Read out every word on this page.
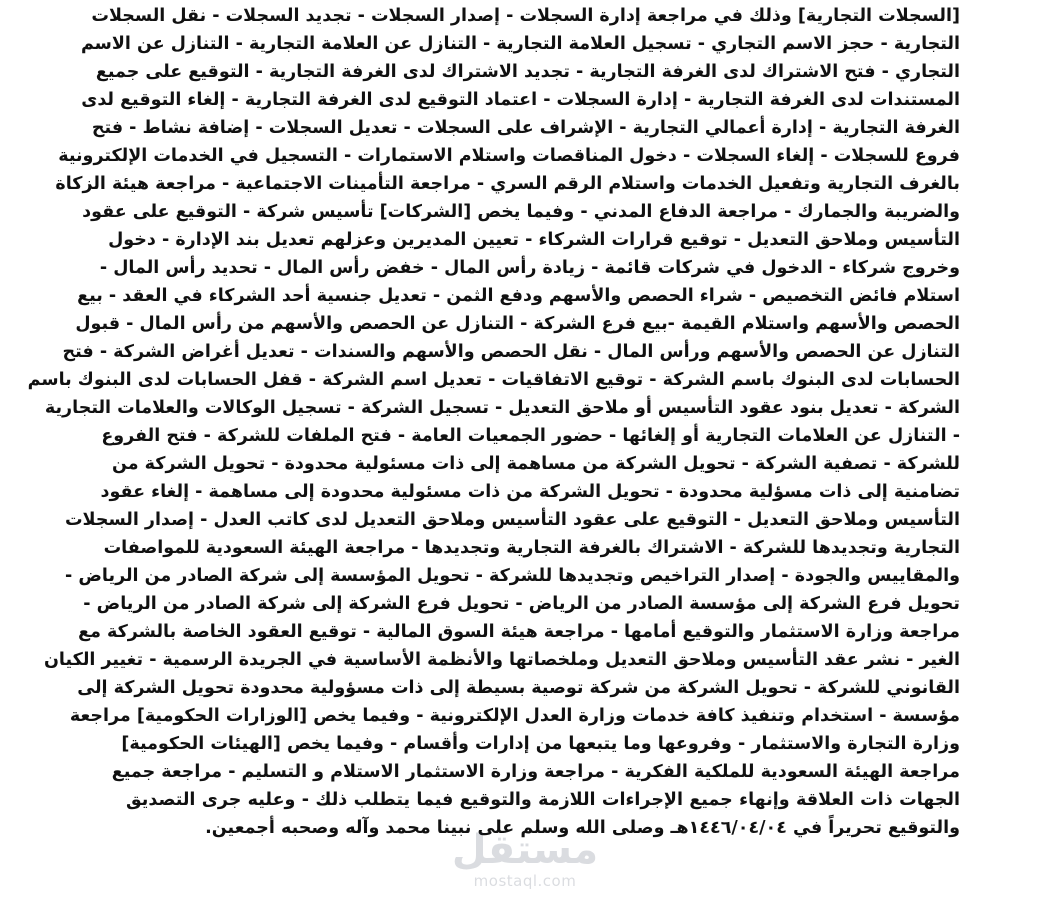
[السجلات التجارية] وذلك في مراجعة إدارة السجلات - إصدار السجلات - تجديد السجلات - نقل السجلات
التجارية - حجز الاسم التجاري - تسجيل العلامة التجارية - التنازل عن العلامة التجارية - التنازل عن الاسم
التجاري - فتح الاشتراك لدى الغرفة التجارية - تجديد الاشتراك لدى الغرفة التجارية - التوقيع على جميع
المستندات لدى الغرفة التجارية - إدارة السجلات - اعتماد التوقيع لدى الغرفة التجارية - إلغاء التوقيع لدى
الغرفة التجارية - إدارة أعمالي التجارية - الإشراف على السجلات - تعديل السجلات - إضافة نشاط - فتح
فروع للسجلات - إلغاء السجلات - دخول المناقصات واستلام الاستمارات - التسجيل في الخدمات الإلكترونية
بالغرف التجارية وتفعيل الخدمات واستلام الرقم السري - مراجعة التأمينات الاجتماعية - مراجعة هيئة الزكاة
والضريبة والجمارك - مراجعة الدفاع المدني - وفيما يخص [الشركات] تأسيس شركة - التوقيع على عقود
التأسيس وملاحق التعديل - توقيع قرارات الشركاء - تعيين المديرين وعزلهم تعديل بند الإدارة - دخول
وخروج شركاء - الدخول في شركات قائمة - زيادة رأس المال - خفض رأس المال - تحديد رأس المال -
استلام فائض التخصيص - شراء الحصص والأسهم ودفع الثمن - تعديل جنسية أحد الشركاء في العقد - بيع
الحصص والأسهم واستلام القيمة -بيع فرع الشركة - التنازل عن الحصص والأسهم من رأس المال - قبول
التنازل عن الحصص والأسهم ورأس المال - نقل الحصص والأسهم والسندات - تعديل أغراض الشركة - فتح
الحسابات لدى البنوك باسم الشركة - توقيع الاتفاقيات - تعديل اسم الشركة - قفل الحسابات لدى البنوك باسم
الشركة - تعديل بنود عقود التأسيس أو ملاحق التعديل - تسجيل الشركة - تسجيل الوكالات والعلامات التجارية
- التنازل عن العلامات التجارية أو إلغائها - حضور الجمعيات العامة - فتح الملفات للشركة - فتح الفروع
للشركة - تصفية الشركة - تحويل الشركة من مساهمة إلى ذات مسئولية محدودة - تحويل الشركة من
تضامنية إلى ذات مسؤلية محدودة - تحويل الشركة من ذات مسئولية محدودة إلى مساهمة - إلغاء عقود
التأسيس وملاحق التعديل - التوقيع على عقود التأسيس وملاحق التعديل لدى كاتب العدل - إصدار السجلات
التجارية وتجديدها للشركة - الاشتراك بالغرفة التجارية وتجديدها - مراجعة الهيئة السعودية للمواصفات
والمقاييس والجودة - إصدار التراخيص وتجديدها للشركة - تحويل المؤسسة إلى شركة الصادر من الرياض -
تحويل فرع الشركة إلى مؤسسة الصادر من الرياض - تحويل فرع الشركة إلى شركة الصادر من الرياض -
مراجعة وزارة الاستثمار والتوقيع أمامها - مراجعة هيئة السوق المالية - توقيع العقود الخاصة بالشركة مع
الغير - نشر عقد التأسيس وملاحق التعديل وملخصاتها والأنظمة الأساسية في الجريدة الرسمية - تغيير الكيان
القانوني للشركة - تحويل الشركة من شركة توصية بسيطة إلى ذات مسؤولية محدودة تحويل الشركة إلى
مؤسسة - استخدام وتنفيذ كافة خدمات وزارة العدل الإلكترونية - وفيما يخص [الوزارات الحكومية] مراجعة
وزارة التجارة والاستثمار - وفروعها وما يتبعها من إدارات وأقسام - وفيما يخص [الهيئات الحكومية]
مراجعة الهيئة السعودية للملكية الفكرية - مراجعة وزارة الاستثمار الاستلام و التسليم - مراجعة جميع
الجهات ذات العلاقة وإنهاء جميع الإجراءات اللازمة والتوقيع فيما يتطلب ذلك - وعليه جرى التصديق
والتوقيع تحريراً في ١٤٤٦/٠٤/٠٤هـ وصلى الله وسلم على نبينا محمد وآله وصحبه أجمعين.
مستقل
mostaql.com
